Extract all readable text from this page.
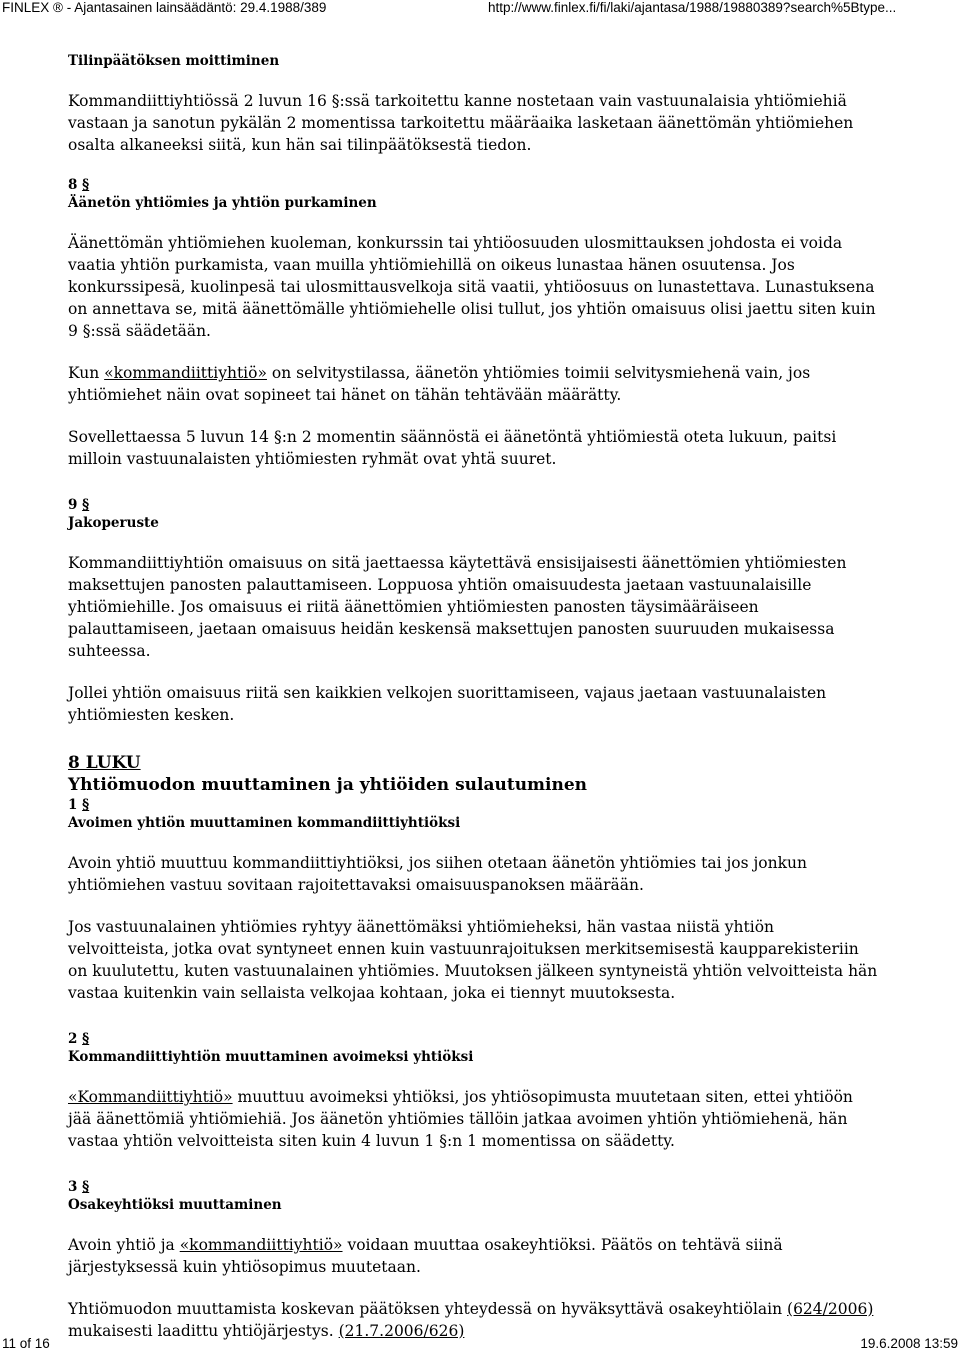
FINLEX ® - Ajantasainen lainsäädäntö: 29.4.1988/389	http://www.finlex.fi/fi/laki/ajantasa/1988/19880389?search%5Btype...

Tilinpäätöksen moittiminen

Kommandiittiyhtiössä 2 luvun 16 §:ssä tarkoitettu kanne nostetaan vain vastuunalaisia yhtiömiehiä vastaan ja sanotun pykälän 2 momentissa tarkoitettu määräaika lasketaan äänettömän yhtiömiehen osalta alkaneeksi siitä, kun hän sai tilinpäätöksestä tiedon.

8 §

Äänetön yhtiömies ja yhtiön purkaminen

Äänettömän yhtiömiehen kuoleman, konkurssin tai yhtiöosuuden ulosmittauksen johdosta ei voida vaatia yhtiön purkamista, vaan muilla yhtiömiehillä on oikeus lunastaa hänen osuutensa. Jos konkurssipesä, kuolinpesä tai ulosmittausvelkoja sitä vaatii, yhtiöosuus on lunastettava. Lunastuksena on annettava se, mitä äänettömälle yhtiömiehelle olisi tullut, jos yhtiön omaisuus olisi jaettu siten kuin 9 §:ssä säädetään.

Kun «kommandiittiyhtiö» on selvitystilassa, äänetön yhtiömies toimii selvitysmiehenä vain, jos yhtiömiehet näin ovat sopineet tai hänet on tähän tehtävään määrätty.

Sovellettaessa 5 luvun 14 §:n 2 momentin säännöstä ei äänetöntä yhtiömiestä oteta lukuun, paitsi milloin vastuunalaisten yhtiömiesten ryhmät ovat yhtä suuret.

9 §

Jakoperuste

Kommandiittiyhtiön omaisuus on sitä jaettaessa käytettävä ensisijaisesti äänettömien yhtiömiesten maksettujen panosten palauttamiseen. Loppuosa yhtiön omaisuudesta jaetaan vastuunalaisille yhtiömiehille. Jos omaisuus ei riitä äänettömien yhtiömiesten panosten täysimääräiseen palauttamiseen, jaetaan omaisuus heidän keskensä maksettujen panosten suuruuden mukaisessa suhteessa.

Jollei yhtiön omaisuus riitä sen kaikkien velkojen suorittamiseen, vajaus jaetaan vastuunalaisten yhtiömiesten kesken.

8 LUKU

Yhtiömuodon muuttaminen ja yhtiöiden sulautuminen

1 §

Avoimen yhtiön muuttaminen kommandiittiyhtiöksi

Avoin yhtiö muuttuu kommandiittiyhtiöksi, jos siihen otetaan äänetön yhtiömies tai jos jonkun yhtiömiehen vastuu sovitaan rajoitettavaksi omaisuuspanoksen määrään.

Jos vastuunalainen yhtiömies ryhtyy äänettömäksi yhtiömieheksi, hän vastaa niistä yhtiön velvoitteista, jotka ovat syntyneet ennen kuin vastuunrajoituksen merkitsemisestä kaupparekisteriin on kuulutettu, kuten vastuunalainen yhtiömies. Muutoksen jälkeen syntyneistä yhtiön velvoitteista hän vastaa kuitenkin vain sellaista velkojaa kohtaan, joka ei tiennyt muutoksesta.

2 §

Kommandiittiyhtiön muuttaminen avoimeksi yhtiöksi

«Kommandiittiyhtiö» muuttuu avoimeksi yhtiöksi, jos yhtiösopimusta muutetaan siten, ettei yhtiöön jää äänettömiä yhtiömiehiä. Jos äänetön yhtiömies tällöin jatkaa avoimen yhtiön yhtiömiehenä, hän vastaa yhtiön velvoitteista siten kuin 4 luvun 1 §:n 1 momentissa on säädetty.

3 §

Osakeyhtiöksi muuttaminen

Avoin yhtiö ja «kommandiittiyhtiö» voidaan muuttaa osakeyhtiöksi. Päätös on tehtävä siinä järjestyksessä kuin yhtiösopimus muutetaan.

Yhtiömuodon muuttamista koskevan päätöksen yhteydessä on hyväksyttävä osakeyhtiölain (624/2006) mukaisesti laadittu yhtiöjärjestys. (21.7.2006/626)

11 of 16	19.6.2008 13:59
